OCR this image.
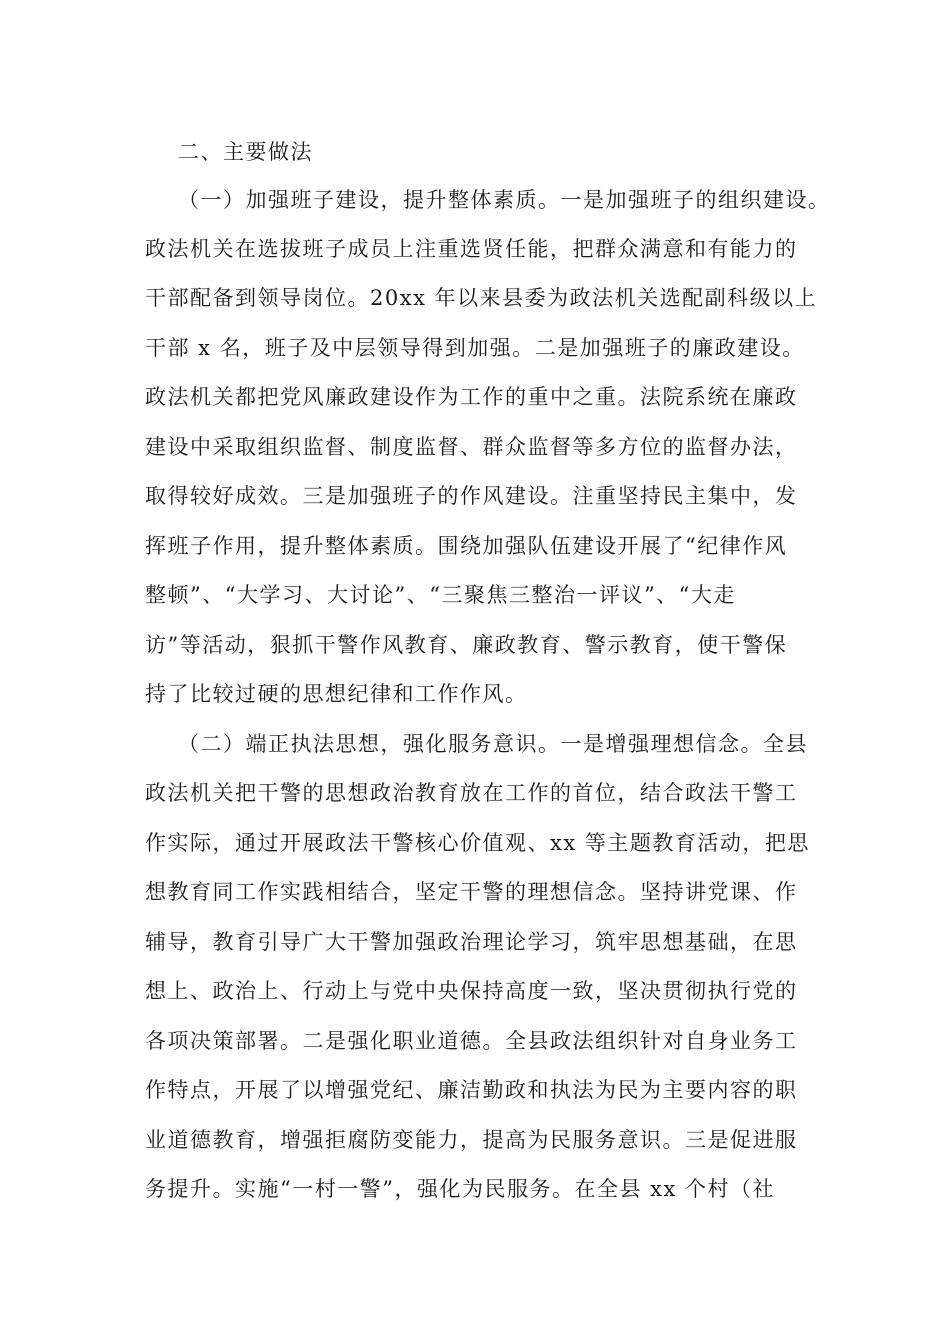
二、主要做法
（一）加强班子建设，提升整体素质。一是加强班子的组织建设。
政法机关在选拔班子成员上注重选贤任能，把群众满意和有能力的
干部配备到领导岗位。20xx 年以来县委为政法机关选配副科级以上
干部 x 名，班子及中层领导得到加强。二是加强班子的廉政建设。
政法机关都把党风廉政建设作为工作的重中之重。法院系统在廉政
建设中采取组织监督、制度监督、群众监督等多方位的监督办法，
取得较好成效。三是加强班子的作风建设。注重坚持民主集中，发
挥班子作用，提升整体素质。围绕加强队伍建设开展了“纪律作风
整顿”、“大学习、大讨论”、“三聚焦三整治一评议”、“大走
访”等活动，狠抓干警作风教育、廉政教育、警示教育，使干警保
持了比较过硬的思想纪律和工作作风。
（二）端正执法思想，强化服务意识。一是增强理想信念。全县
政法机关把干警的思想政治教育放在工作的首位，结合政法干警工
作实际，通过开展政法干警核心价值观、xx 等主题教育活动，把思
想教育同工作实践相结合，坚定干警的理想信念。坚持讲党课、作
辅导，教育引导广大干警加强政治理论学习，筑牢思想基础，在思
想上、政治上、行动上与党中央保持高度一致，坚决贯彻执行党的
各项决策部署。二是强化职业道德。全县政法组织针对自身业务工
作特点，开展了以增强党纪、廉洁勤政和执法为民为主要内容的职
业道德教育，增强拒腐防变能力，提高为民服务意识。三是促进服
务提升。实施“一村一警”，强化为民服务。在全县 xx 个村（社
